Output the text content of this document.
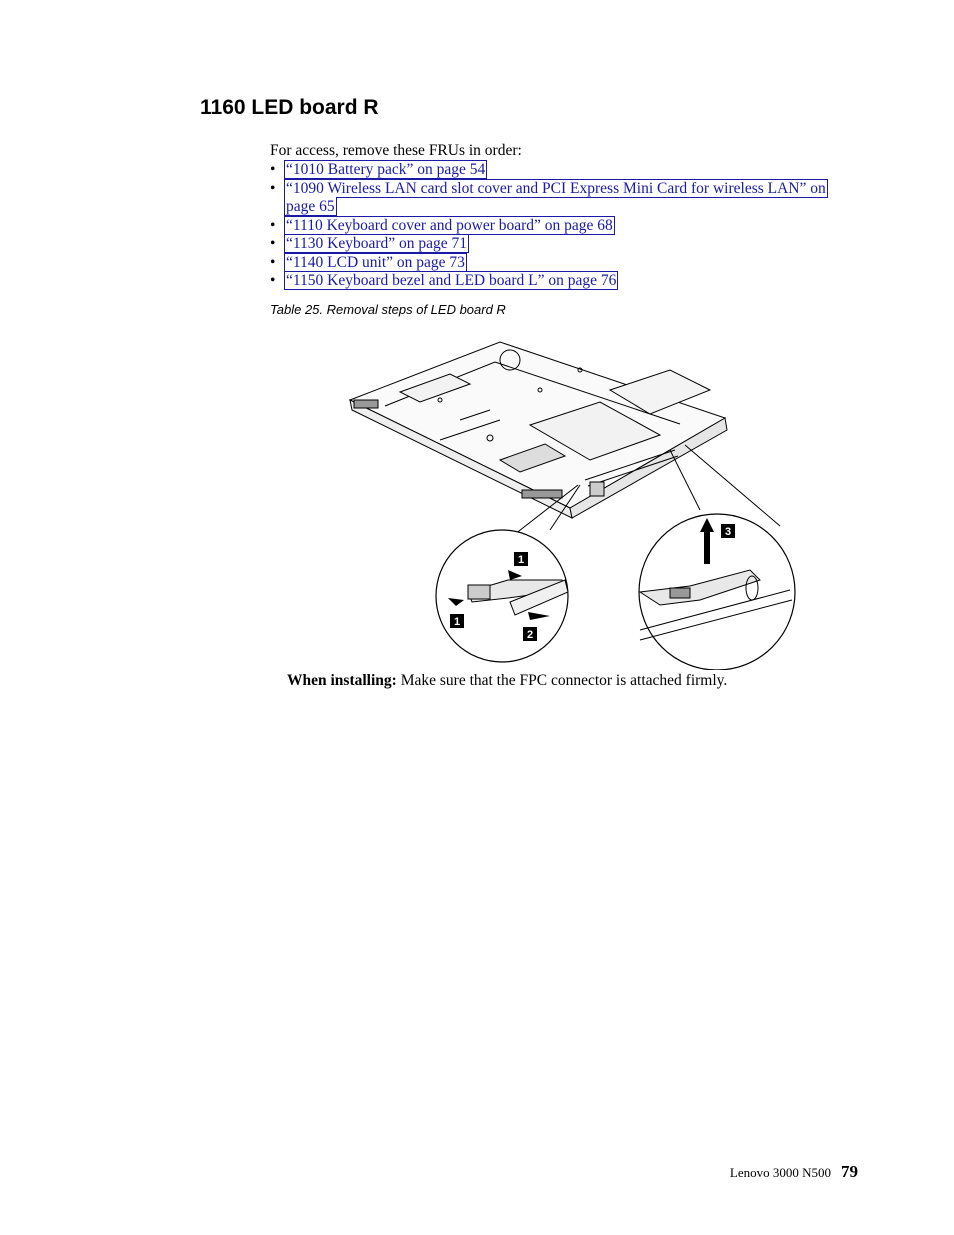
1160 LED board R
For access, remove these FRUs in order:
• “1010 Battery pack” on page 54
• “1090 Wireless LAN card slot cover and PCI Express Mini Card for wireless LAN” on page 65
• “1110 Keyboard cover and power board” on page 68
• “1130 Keyboard” on page 71
• “1140 LCD unit” on page 73
• “1150 Keyboard bezel and LED board L” on page 76
Table 25. Removal steps of LED board R
1
1
2
3
When installing: Make sure that the FPC connector is attached firmly.
Lenovo 3000 N500 79
